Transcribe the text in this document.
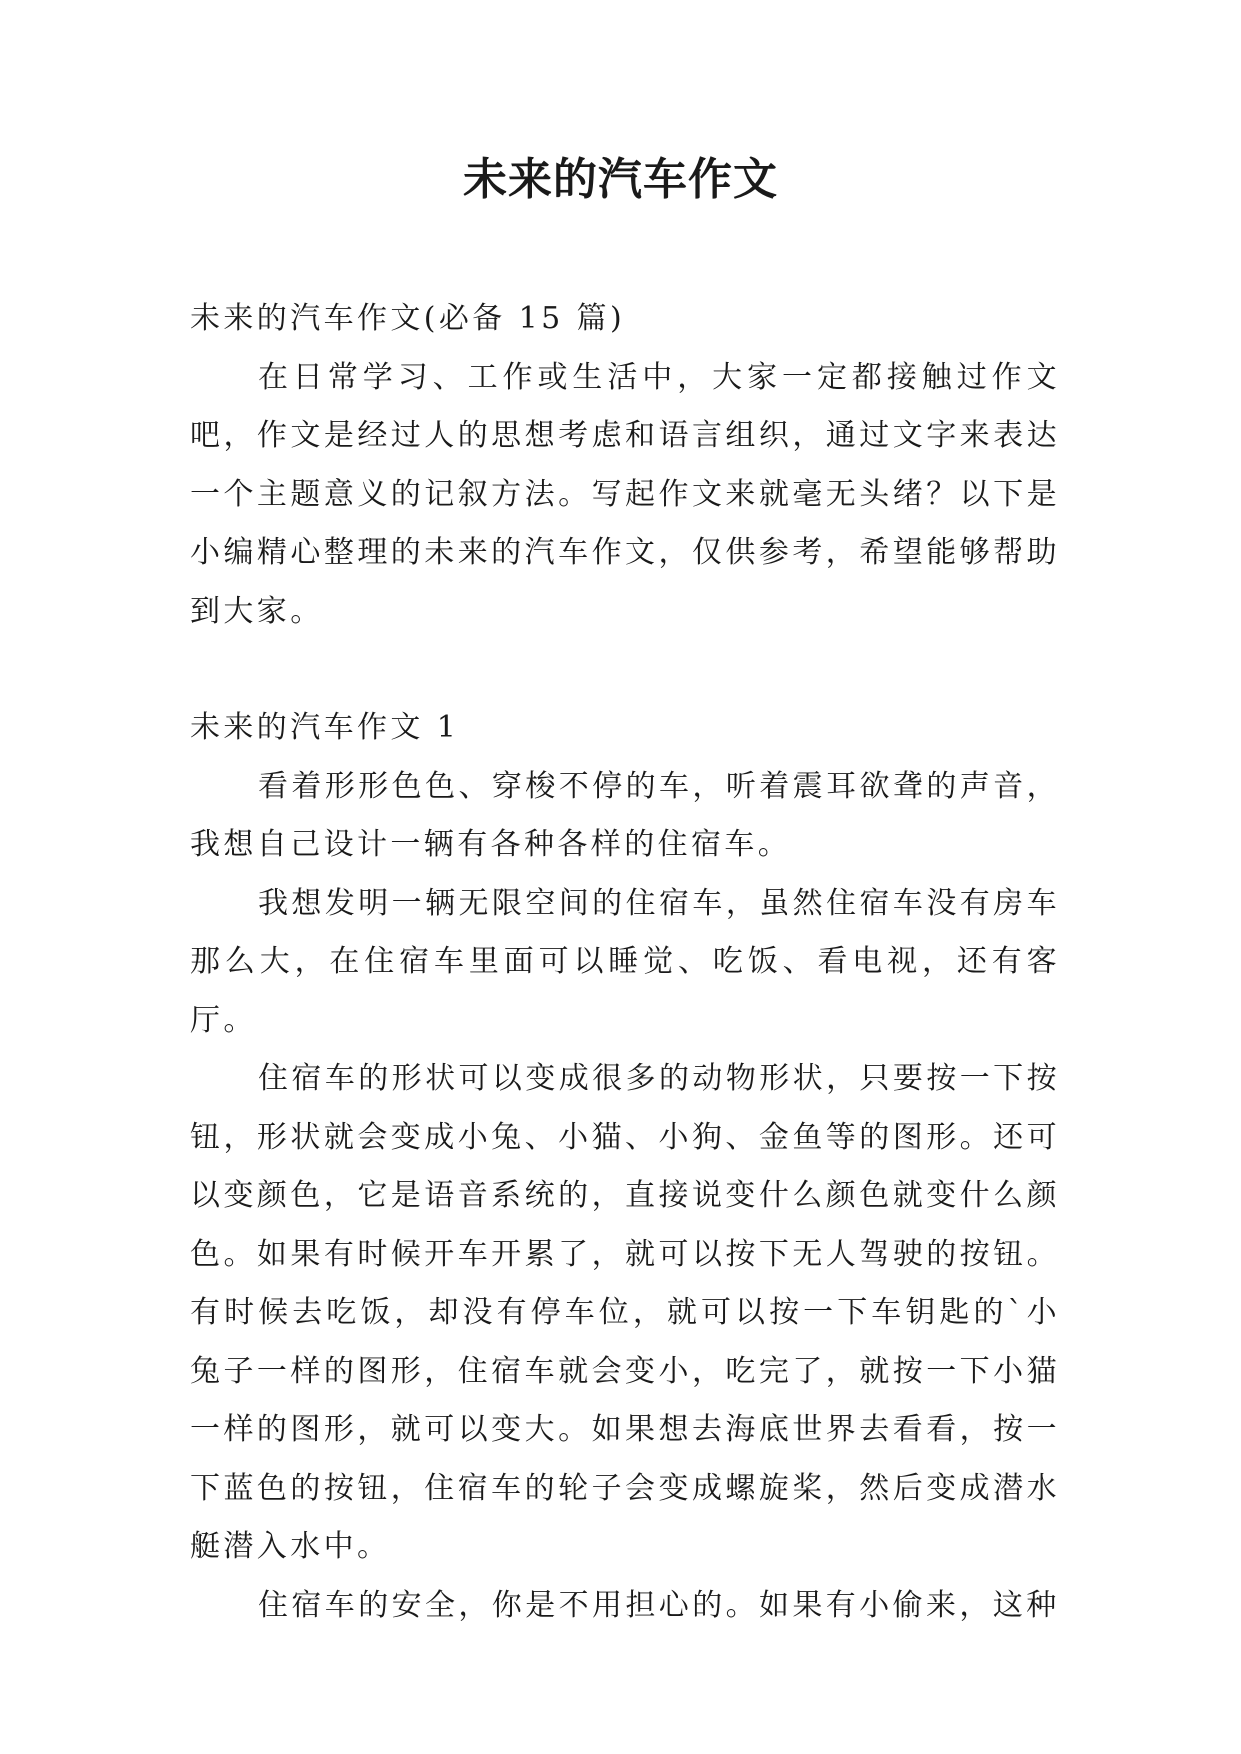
未来的汽车作文

未来的汽车作文(必备 15 篇)

在日常学习、工作或生活中，大家一定都接触过作文吧，作文是经过人的思想考虑和语言组织，通过文字来表达一个主题意义的记叙方法。写起作文来就毫无头绪？以下是小编精心整理的未来的汽车作文，仅供参考，希望能够帮助到大家。

未来的汽车作文 1

看着形形色色、穿梭不停的车，听着震耳欲聋的声音，我想自己设计一辆有各种各样的住宿车。

我想发明一辆无限空间的住宿车，虽然住宿车没有房车那么大，在住宿车里面可以睡觉、吃饭、看电视，还有客厅。

住宿车的形状可以变成很多的动物形状，只要按一下按钮，形状就会变成小兔、小猫、小狗、金鱼等的图形。还可以变颜色，它是语音系统的，直接说变什么颜色就变什么颜色。如果有时候开车开累了，就可以按下无人驾驶的按钮。有时候去吃饭，却没有停车位，就可以按一下车钥匙的`小兔子一样的图形，住宿车就会变小，吃完了，就按一下小猫一样的图形，就可以变大。如果想去海底世界去看看，按一下蓝色的按钮，住宿车的轮子会变成螺旋桨，然后变成潜水艇潜入水中。

住宿车的安全，你是不用担心的。如果有小偷来，这种
